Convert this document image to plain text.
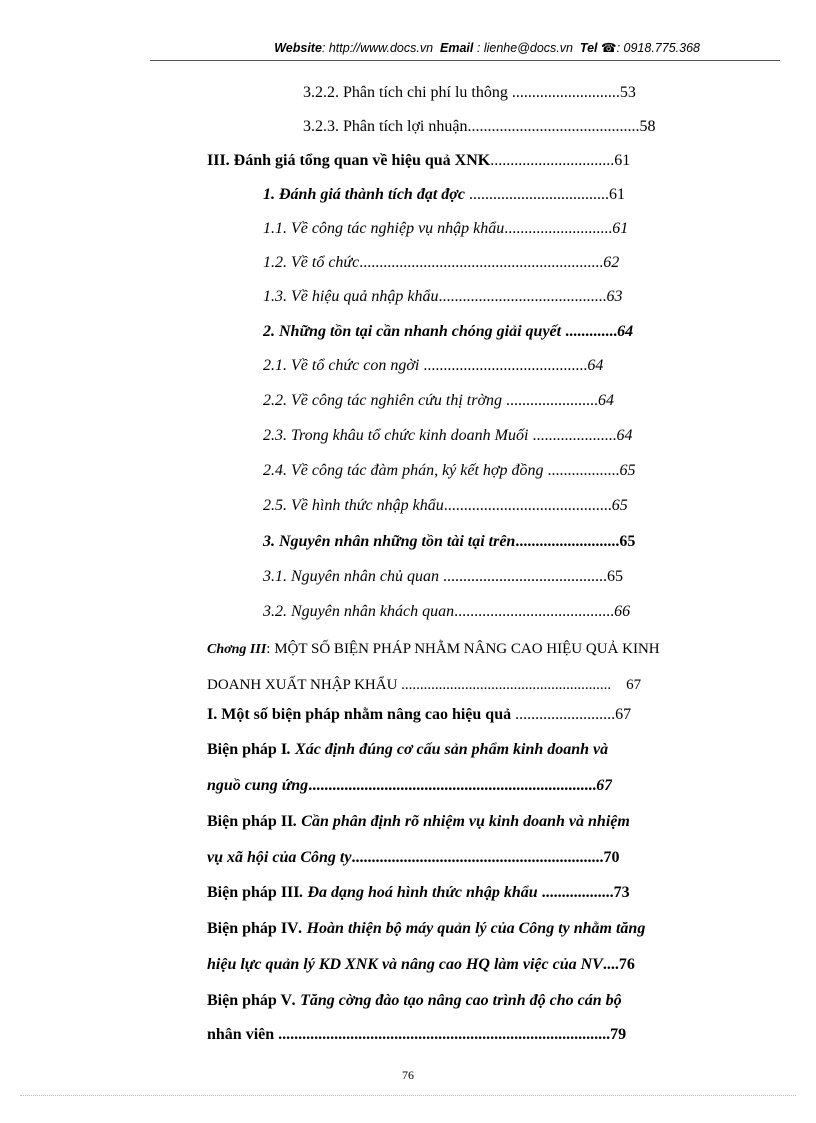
Website: http://www.docs.vn Email : lienhe@docs.vn Tel ☎: 0918.775.368
3.2.2. Phân tích chi phí lu thông ...........................53
3.2.3. Phân tích lợi nhuận...........................................58
III. Đánh giá tổng quan về hiệu quả XNK...............................61
1. Đánh giá thành tích đạt đợc ...................................61
1.1. Về công tác nghiệp vụ nhập khẩu...........................61
1.2. Về tổ chức.............................................................62
1.3. Về hiệu quả nhập khẩu..........................................63
2. Những tồn tại cần nhanh chóng giải quyết .............64
2.1. Về tổ chức con ngời .........................................64
2.2. Về công tác nghiên cứu thị trờng .......................64
2.3. Trong khâu tổ chức kinh doanh Muối .....................64
2.4. Về công tác đàm phán, ký kết hợp đồng ..................65
2.5. Về hình thức nhập khẩu..........................................65
3. Nguyên nhân những tồn tài tại trên..........................65
3.1. Nguyên nhân chủ quan .........................................65
3.2. Nguyên nhân khách quan........................................66
Chơng III: MỘT SỐ BIỆN PHÁP NHẰM NÂNG CAO HIỆU QUẢ KINH
DOANH XUẤT NHẬP KHẨU ........................................................ 67
I. Một số biện pháp nhằm nâng cao hiệu quả .........................67
Biện pháp I. Xác định đúng cơ cấu sản phẩm kinh doanh và
nguồ cung ứng........................................................................67
Biện pháp II. Cần phân định rõ nhiệm vụ kinh doanh và nhiệm
vụ xã hội của Công ty...............................................................70
Biện pháp III. Đa dạng hoá hình thức nhập khẩu ..................73
Biện pháp IV. Hoàn thiện bộ máy quản lý của Công ty nhằm tăng
hiệu lực quản lý KD XNK và nâng cao HQ làm việc của NV....76
Biện pháp V. Tăng cờng đào tạo nâng cao trình độ cho cán bộ
nhân viên ...................................................................................79
76
